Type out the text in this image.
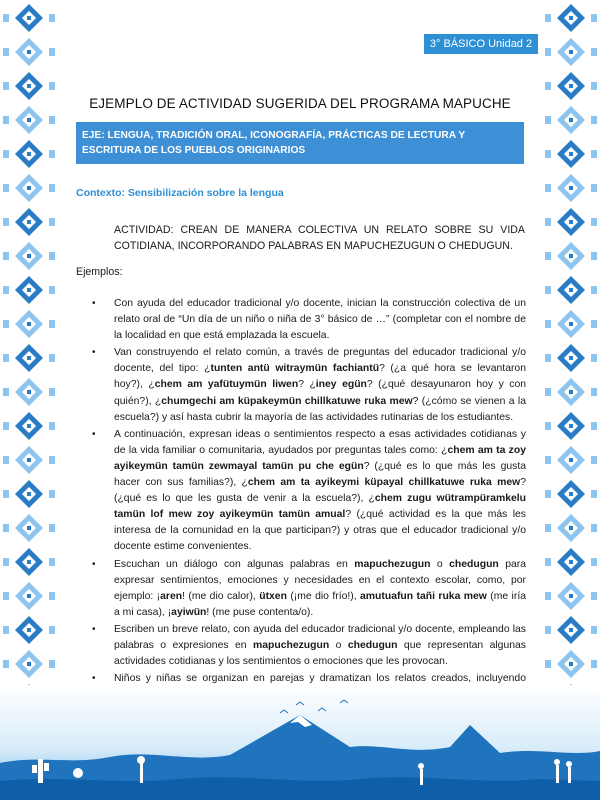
3° BÁSICO Unidad 2
EJEMPLO DE ACTIVIDAD SUGERIDA DEL PROGRAMA MAPUCHE
EJE: LENGUA, TRADICIÓN ORAL, ICONOGRAFÍA, PRÁCTICAS DE LECTURA Y ESCRITURA DE LOS PUEBLOS ORIGINARIOS
Contexto: Sensibilización sobre la lengua
ACTIVIDAD: CREAN DE MANERA COLECTIVA UN RELATO SOBRE SU VIDA COTIDIANA, INCORPORANDO PALABRAS EN MAPUCHEZUGUN O CHEDUGUN.
Ejemplos:
• Con ayuda del educador tradicional y/o docente, inician la construcción colectiva de un relato oral de “Un día de un niño o niña de 3° básico de …” (completar con el nombre de la localidad en que está emplazada la escuela.
• Van construyendo el relato común, a través de preguntas del educador tradicional y/o docente, del tipo: ¿tunten antü witraymün fachiantü? (¿a qué hora se levantaron hoy?), ¿chem am yafütuymün liwen? ¿iney egün? (¿qué desayunaron hoy y con quién?), ¿chumgechi am küpakeymün chillkatuwe ruka mew? (¿cómo se vienen a la escuela?) y así hasta cubrir la mayoría de las actividades rutinarias de los estudiantes.
• A continuación, expresan ideas o sentimientos respecto a esas actividades cotidianas y de la vida familiar o comunitaria, ayudados por preguntas tales como: ¿chem am ta zoy ayikeymün tamün zewmayal tamün pu che egün? (¿qué es lo que más les gusta hacer con sus familias?), ¿chem am ta ayikeymi küpayal chillkatuwe ruka mew? (¿qué es lo que les gusta de venir a la escuela?), ¿chem zugu wütrampüramkelu tamün lof mew zoy ayikeymün tamün amual? (¿qué actividad es la que más les interesa de la comunidad en la que participan?) y otras que el educador tradicional y/o docente estime convenientes.
• Escuchan un diálogo con algunas palabras en mapuchezugun o chedugun para expresar sentimientos, emociones y necesidades en el contexto escolar, como, por ejemplo: ¡aren! (me dio calor), ütxen (¡me dio frío!), amutuafun tañi ruka mew (me iría a mi casa), ¡ayiwün! (me puse contenta/o).
• Escriben un breve relato, con ayuda del educador tradicional y/o docente, empleando las palabras o expresiones en mapuchezugun o chedugun que representan algunas actividades cotidianas y los sentimientos o emociones que les provocan.
• Niños y niñas se organizan en parejas y dramatizan los relatos creados, incluyendo
